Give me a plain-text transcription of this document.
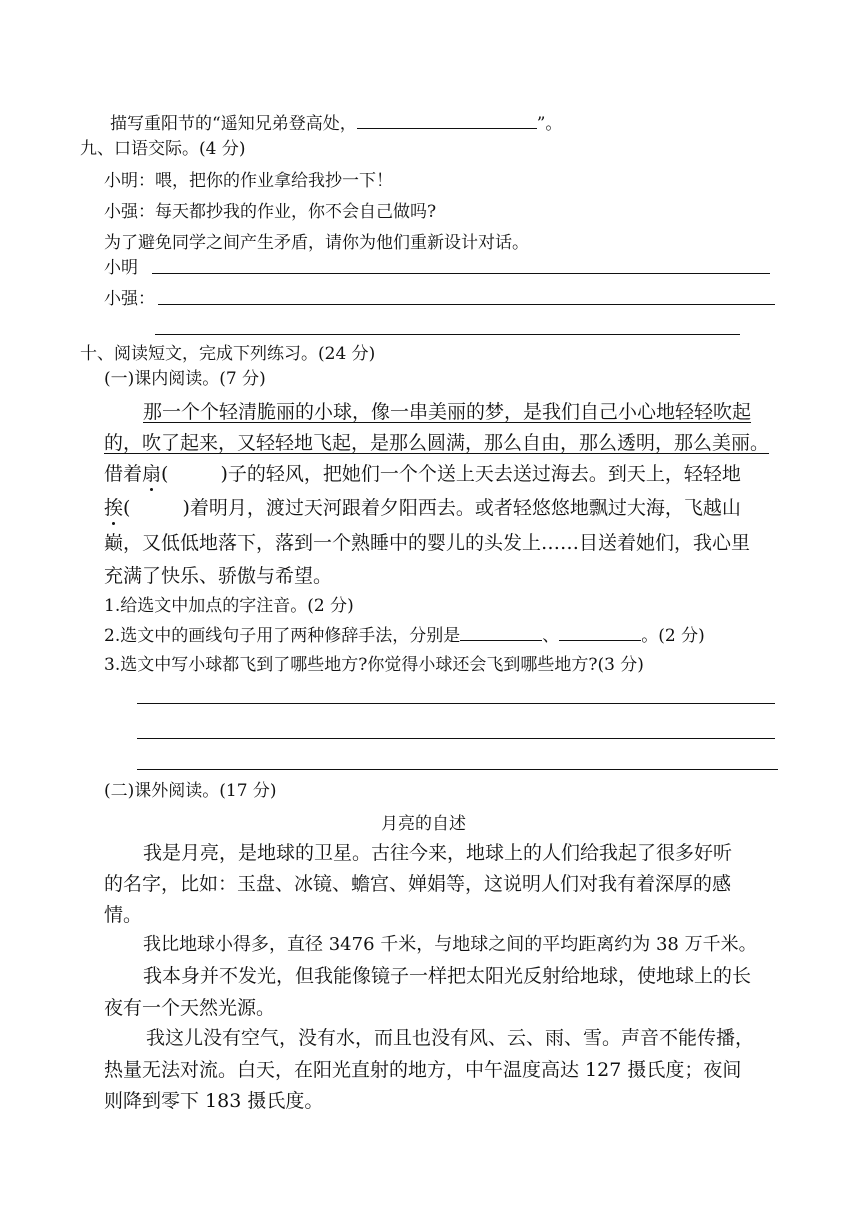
描写重阳节的“遥知兄弟登高处，	”。
九、口语交际。(4 分)
小明：喂，把你的作业拿给我抄一下！
小强：每天都抄我的作业，你不会自己做吗?
为了避免同学之间产生矛盾，请你为他们重新设计对话。
小明
小强：
十、阅读短文，完成下列练习。(24 分)
(一)课内阅读。(7 分)
那一个个轻清脆丽的小球，像一串美丽的梦，是我们自己小心地轻轻吹起
的，吹了起来，又轻轻地飞起，是那么圆满，那么自由，那么透明，那么美丽。
借着扇(	)子的轻风，把她们一个个送上天去送过海去。到天上，轻轻地
挨(	)着明月，渡过天河跟着夕阳西去。或者轻悠悠地飘过大海，飞越山
巅，又低低地落下，落到一个熟睡中的婴儿的头发上……目送着她们，我心里
充满了快乐、骄傲与希望。
1.给选文中加点的字注音。(2 分)
2.选文中的画线句子用了两种修辞手法，分别是	、	。(2 分)
3.选文中写小球都飞到了哪些地方?你觉得小球还会飞到哪些地方?(3 分)
(二)课外阅读。(17 分)
月亮的自述
我是月亮，是地球的卫星。古往今来，地球上的人们给我起了很多好听
的名字，比如：玉盘、冰镜、蟾宫、婵娟等，这说明人们对我有着深厚的感
情。
我比地球小得多，直径 3476 千米，与地球之间的平均距离约为 38 万千米。
我本身并不发光，但我能像镜子一样把太阳光反射给地球，使地球上的长
夜有一个天然光源。
我这儿没有空气，没有水，而且也没有风、云、雨、雪。声音不能传播，
热量无法对流。白天，在阳光直射的地方，中午温度高达 127 摄氏度；夜间
则降到零下 183 摄氏度。
